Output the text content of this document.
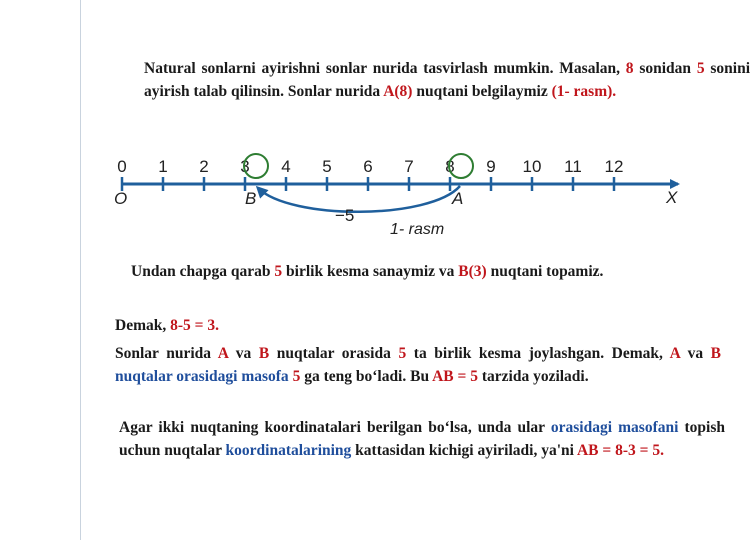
Natural sonlarni ayirishni sonlar nurida tasvirlash mumkin. Masalan, 8 sonidan 5 sonini ayirish talab qilinsin. Sonlar nurida A(8) nuqtani belgilaymiz (1- rasm).
0 1 2 3 4 5 6 7 8 9 10 11 12
O	B	A	X
−5
1- rasm
Undan chapga qarab 5 birlik kesma sanaymiz va B(3) nuqtani topamiz.
Demak, 8-5 = 3.
Sonlar nurida A va B nuqtalar orasida 5 ta birlik kesma joylashgan. Demak, A va B nuqtalar orasidagi masofa 5 ga teng bo‘ladi. Bu AB = 5 tarzida yoziladi.
Agar ikki nuqtaning koordinatalari berilgan bo‘lsa, unda ular orasidagi masofani topish uchun nuqtalar koordinatalarining kattasidan kichigi ayiriladi, ya'ni AB = 8-3 = 5.
